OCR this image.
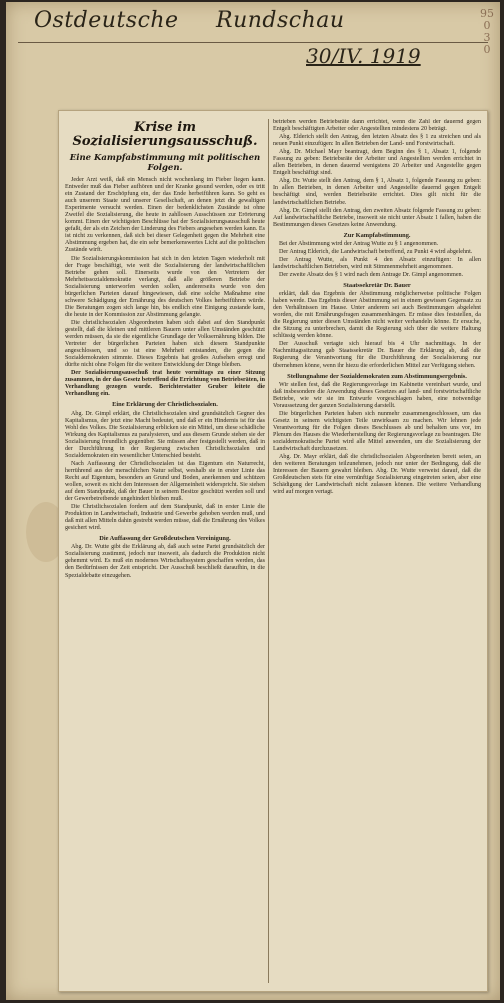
Ostdeutsche Rundschau
30/IV. 1919
95
0
3
0
Krise im Sozialisierungsausschuß.
Eine Kampfabstimmung mit politischen Folgen.

Jeder Arzt weiß, daß ein Mensch nicht wochenlang im Fieber liegen kann. Entweder muß das Fieber aufhören und der Kranke gesund werden, oder es tritt ein Zustand der Erschöpfung ein, der das Ende herbeiführen kann. So geht es auch unserem Staate und unserer Gesellschaft, an denen jetzt die gewaltigen Experimente versucht werden. Einen der bedenklichsten Zustände ist ohne Zweifel die Sozialisierung, die heute in zahllosen Ausschüssen zur Erörterung kommt. Einen der wichtigsten Beschlüsse hat der Sozialisierungsausschuß heute gefaßt, der als ein Zeichen der Linderung des Fiebers angesehen werden kann. Es ist nicht zu verkennen, daß sich bei dieser Gelegenheit gegen die Mehrheit eine Abstimmung ergeben hat, die ein sehr bemerkenswertes Licht auf die politischen Zustände wirft.

Die Sozialisierungskommission hat sich in den letzten Tagen wiederholt mit der Frage beschäftigt, wie weit die Sozialisierung der landwirtschaftlichen Betriebe gehen soll. Einerseits wurde von den Vertretern der Mehrheitssozialdemokratie verlangt, daß alle größeren Betriebe der Sozialisierung unterworfen werden sollen, andererseits wurde von den bürgerlichen Parteien darauf hingewiesen, daß eine solche Maßnahme eine schwere Schädigung der Ernährung des deutschen Volkes herbeiführen würde. Die Beratungen zogen sich lange hin, bis endlich eine Einigung zustande kam, die heute in der Kommission zur Abstimmung gelangte.

Die christlichsozialen Abgeordneten haben sich dabei auf den Standpunkt gestellt, daß die kleinen und mittleren Bauern unter allen Umständen geschützt werden müssen, da sie die eigentliche Grundlage der Volksernährung bilden. Die Vertreter der bürgerlichen Parteien haben sich diesem Standpunkte angeschlossen, und so ist eine Mehrheit entstanden, die gegen die Sozialdemokraten stimmte. Dieses Ergebnis hat großes Aufsehen erregt und dürfte nicht ohne Folgen für die weitere Entwicklung der Dinge bleiben.

Der Sozialisierungsausschuß trat heute vormittags zu einer Sitzung zusammen, in der das Gesetz betreffend die Errichtung von Betriebsräten, in Verhandlung gezogen wurde. Berichterstatter Gruber leitete die Verhandlung ein.

Eine Erklärung der Christlichsozialen.

Abg. Dr. Gimpl erklärt, die Christlichsozialen sind grundsätzlich Gegner des Kapitalismus, der jetzt eine Macht bedeutet, und daß er ein Hindernis ist für das Wohl des Volkes. Die Sozialisierung erblicken sie ein Mittel, um diese schädliche Wirkung des Kapitalismus zu paralysieren, und aus diesem Grunde stehen sie der Sozialisierung freundlich gegenüber. Sie müssen aber festgestellt werden, daß in der Durchführung in der Regierung zwischen Christlichsozialen und Sozialdemokraten ein wesentlicher Unterschied besteht.

Nach Auffassung der Christlichsozialen ist das Eigentum ein Naturrecht, herrührend aus der menschlichen Natur selbst, weshalb sie in erster Linie das Recht auf Eigentum, besonders an Grund und Boden, anerkennen und schützen wollen, soweit es nicht den Interessen der Allgemeinheit widerspricht. Sie stehen auf dem Standpunkt, daß der Bauer in seinem Besitze geschützt werden soll und der Gewerbetreibende ungehindert bleiben muß.

Die Christlichsozialen fordern auf dem Standpunkt, daß in erster Linie die Produktion in Landwirtschaft, Industrie und Gewerbe gehoben werden muß, und daß mit allen Mitteln dahin gestrebt werden müsse, daß die Ernährung des Volkes gesichert wird.

Die Auffassung der Großdeutschen Vereinigung.

Abg. Dr. Wutte gibt die Erklärung ab, daß auch seine Partei grundsätzlich der Sozialisierung zustimmt, jedoch nur insoweit, als dadurch die Produktion nicht gehemmt wird. Es muß ein modernes Wirtschaftssystem geschaffen werden, das den Bedürfnissen der Zeit entspricht. Der Ausschuß beschließt daraufhin, in die Spezialdebatte einzugehen.

betrieben werden Betriebsräte dann errichtet, wenn die Zahl der dauernd gegen Entgelt beschäftigten Arbeiter oder Angestellten mindestens 20 beträgt.

Abg. Elderich stellt den Antrag, den letzten Absatz des § 1 zu streichen und als neuen Punkt einzufügen: In allen Betrieben der Land- und Forstwirtschaft.

Abg. Dr. Michael Mayr beantragt, dem Beginn des § 1, Absatz 1, folgende Fassung zu geben: Betriebsräte der Arbeiter und Angestellten werden errichtet in allen Betrieben, in denen dauernd wenigstens 20 Arbeiter und Angestellte gegen Entgelt beschäftigt sind.

Abg. Dr. Wutte stellt den Antrag, dem § 1, Absatz 1, folgende Fassung zu geben: In allen Betrieben, in denen Arbeiter und Angestellte dauernd gegen Entgelt beschäftigt sind, werden Betriebsräte errichtet. Dies gilt nicht für die landwirtschaftlichen Betriebe.

Abg. Dr. Gimpl stellt den Antrag, den zweiten Absatz folgende Fassung zu geben: Auf landwirtschaftliche Betriebe, insoweit sie nicht unter Absatz 1 fallen, haben die Bestimmungen dieses Gesetzes keine Anwendung.

Zur Kampfabstimmung.

Bei der Abstimmung wird der Antrag Wutte zu § 1 angenommen.

Der Antrag Elderich, die Landwirtschaft betreffend, zu Punkt 4 wird abgelehnt.

Der Antrag Wutte, als Punkt 4 den Absatz einzufügen: In allen landwirtschaftlichen Betrieben, wird mit Stimmenmehrheit angenommen.

Der zweite Absatz des § 1 wird nach dem Antrage Dr. Gimpl angenommen.

Staatssekretär Dr. Bauer

erklärt, daß das Ergebnis der Abstimmung möglicherweise politische Folgen haben werde. Das Ergebnis dieser Abstimmung sei in einem gewissen Gegensatz zu den Verhältnissen im Hause. Unter anderem sei auch Bestimmungen abgelehnt worden, die mit Ernährungsfragen zusammenhängen. Er müsse dies feststellen, da die Regierung unter diesen Umständen nicht weiter verhandeln könne. Er ersuche, die Sitzung zu unterbrechen, damit die Regierung sich über die weitere Haltung schlüssig werden könne.

Der Ausschuß vertagte sich hierauf bis 4 Uhr nachmittags. In der Nachmittagssitzung gab Staatssekretär Dr. Bauer die Erklärung ab, daß die Regierung die Verantwortung für die Durchführung der Sozialisierung nur übernehmen könne, wenn ihr hiezu die erforderlichen Mittel zur Verfügung stehen.

Stellungnahme der Sozialdemokraten zum Abstimmungsergebnis.

Wir stellen fest, daß die Regierungsvorlage im Kabinette vereinbart wurde, und daß insbesondere die Anwendung dieses Gesetzes auf land- und forstwirtschaftliche Betriebe, wie wir sie im Entwurfe vorgeschlagen haben, eine notwendige Voraussetzung der ganzen Sozialisierung darstellt.

Die bürgerlichen Parteien haben sich nunmehr zusammengeschlossen, um das Gesetz in seinem wichtigsten Teile unwirksam zu machen. Wir lehnen jede Verantwortung für die Folgen dieses Beschlusses ab und behalten uns vor, im Plenum des Hauses die Wiederherstellung der Regierungsvorlage zu beantragen. Die sozialdemokratische Partei wird alle Mittel anwenden, um die Sozialisierung der Landwirtschaft durchzusetzen.

Abg. Dr. Mayr erklärt, daß die christlichsozialen Abgeordneten bereit seien, an den weiteren Beratungen teilzunehmen, jedoch nur unter der Bedingung, daß die Interessen der Bauern gewahrt bleiben. Abg. Dr. Wutte verweist darauf, daß die Großdeutschen stets für eine vernünftige Sozialisierung eingetreten seien, aber eine Schädigung der Landwirtschaft nicht zulassen können. Die weitere Verhandlung wird auf morgen vertagt.
